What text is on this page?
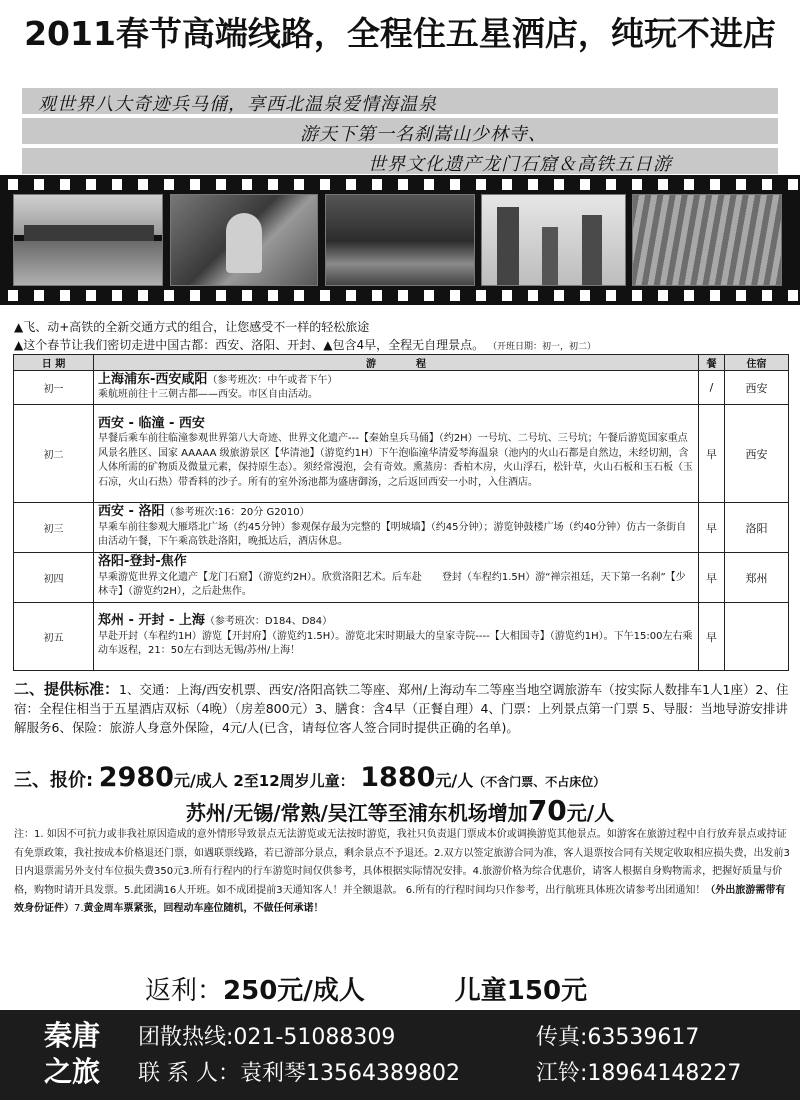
2011春节高端线路，全程住五星酒店，纯玩不进店
观世界八大奇迹兵马俑，享西北温泉爱情海温泉
游天下第一名刹嵩山少林寺、
世界文化遗产龙门石窟＆高铁五日游
▲飞、动+高铁的全新交通方式的组合，让您感受不一样的轻松旅途
▲这个春节让我们密切走进中国古都：西安、洛阳、开封、▲包含4早，全程无自理景点。 （开班日期：初一，初二）
日 期	游　　　　程	餐	住宿
初一	上海浦东-西安咸阳（参考班次：中午或者下午）
乘航班前往十三朝古都——西安。市区自由活动。	/	西安
初二	西安 - 临潼 - 西安
早餐后乘车前往临潼参观世界第八大奇迹、世界文化遗产---【秦始皇兵马俑】（约2H）一号坑、二号坑、三号坑；午餐后游览国家重点风景名胜区、国家 AAAAA 级旅游景区【华清池】（游览约1H）下午泡临潼华清爱琴海温泉（池内的火山石都是自然边，未经切割，含人体所需的矿物质及微量元素，保持原生态）。须经常漫泡，会有奇效。熏蒸房：香柏木房，火山浮石，松针草，火山石板和玉石板（玉石凉，火山石热）带香料的沙子。所有的室外汤池都为盛唐御汤，之后返回西安一小时，入住酒店。	早	西安
初三	西安 - 洛阳（参考班次:16：20分 G2010）
早乘车前往参观大雁塔北广场（约45分钟）参观保存最为完整的【明城墙】（约45分钟）；游览钟鼓楼广场（约40分钟）仿古一条街自由活动午餐，下午乘高铁赴洛阳，晚抵达后，酒店休息。	早	洛阳
初四	洛阳-登封-焦作
早乘游览世界文化遗产【龙门石窟】（游览约2H）。欣赏洛阳艺术。后车赴　　登封（车程约1.5H）游“禅宗祖廷，天下第一名刹”【少林寺】（游览约2H），之后赴焦作。	早	郑州
初五	郑州 - 开封 - 上海（参考班次：D184、D84）
早赴开封（车程约1H）游览【开封府】（游览约1.5H）。游览北宋时期最大的皇家寺院----【大相国寺】（游览约1H）。下午15:00左右乘动车返程，21：50左右到达无锡/苏州/上海！	早	
二、提供标准：1、交通：上海/西安机票、西安/洛阳高铁二等座、郑州/上海动车二等座当地空调旅游车（按实际人数排车1人1座）2、住宿：全程住相当于五星酒店双标（4晚）（房差800元）3、膳食：含4早（正餐自理）4、门票：上列景点第一门票 5、导服：当地导游安排讲解服务6、保险：旅游人身意外保险，4元/人(已含，请每位客人签合同时提供正确的名单)。
三、报价: 2980元/成人 2至12周岁儿童： 1880元/人（不含门票、不占床位）
苏州/无锡/常熟/吴江等至浦东机场增加70元/人
注：1. 如因不可抗力或非我社原因造成的意外情形导致景点无法游览或无法按时游览，我社只负责退门票成本价或调换游览其他景点。如游客在旅游过程中自行放弃景点或持证有免票政策，我社按成本价格退还门票，如遇联票线路，若已游部分景点，剩余景点不予退还。2.双方以签定旅游合同为准，客人退票按合同有关规定收取相应损失费，出发前3日内退票需另外支付车位损失费350元3.所有行程内的行车游览时间仅供参考，具体根据实际情况安排。4.旅游价格为综合优惠价，请客人根据自身购物需求，把握好质量与价格，购物时请开具发票。5.此团满16人开班。如不成团提前3天通知客人！并全额退款。 6.所有的行程时间均只作参考，出行航班具体班次请参考出团通知！（外出旅游需带有效身份证件）7.黄金周车票紧张，回程动车座位随机，不做任何承诺！
返利：250元/成人	儿童150元
秦唐
之旅
团散热线:021-51088309	传真:63539617
联 系 人：袁利琴13564389802	江铃:18964148227
